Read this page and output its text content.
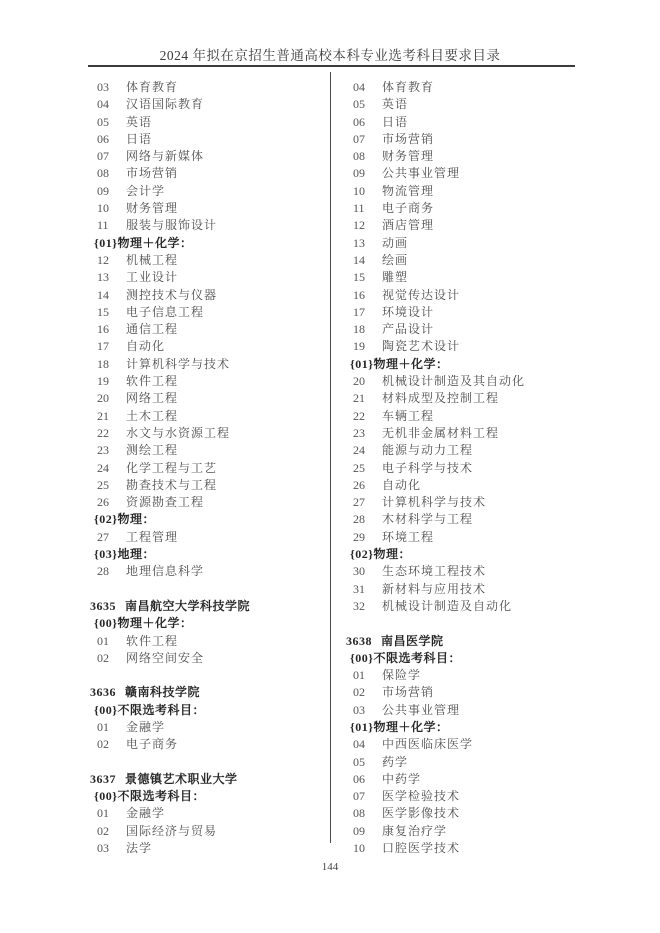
2024 年拟在京招生普通高校本科专业选考科目要求目录
03	体育教育
04	汉语国际教育
05	英语
06	日语
07	网络与新媒体
08	市场营销
09	会计学
10	财务管理
11	服装与服饰设计
{01}物理＋化学：
12	机械工程
13	工业设计
14	测控技术与仪器
15	电子信息工程
16	通信工程
17	自动化
18	计算机科学与技术
19	软件工程
20	网络工程
21	土木工程
22	水文与水资源工程
23	测绘工程
24	化学工程与工艺
25	勘查技术与工程
26	资源勘查工程
{02}物理：
27	工程管理
{03}地理：
28	地理信息科学
3635 南昌航空大学科技学院
{00}物理＋化学：
01	软件工程
02	网络空间安全
3636 赣南科技学院
{00}不限选考科目：
01	金融学
02	电子商务
3637 景德镇艺术职业大学
{00}不限选考科目：
01	金融学
02	国际经济与贸易
03	法学
04	体育教育
05	英语
06	日语
07	市场营销
08	财务管理
09	公共事业管理
10	物流管理
11	电子商务
12	酒店管理
13	动画
14	绘画
15	雕塑
16	视觉传达设计
17	环境设计
18	产品设计
19	陶瓷艺术设计
{01}物理＋化学：
20	机械设计制造及其自动化
21	材料成型及控制工程
22	车辆工程
23	无机非金属材料工程
24	能源与动力工程
25	电子科学与技术
26	自动化
27	计算机科学与技术
28	木材科学与工程
29	环境工程
{02}物理：
30	生态环境工程技术
31	新材料与应用技术
32	机械设计制造及自动化
3638 南昌医学院
{00}不限选考科目：
01	保险学
02	市场营销
03	公共事业管理
{01}物理＋化学：
04	中西医临床医学
05	药学
06	中药学
07	医学检验技术
08	医学影像技术
09	康复治疗学
10	口腔医学技术
144
